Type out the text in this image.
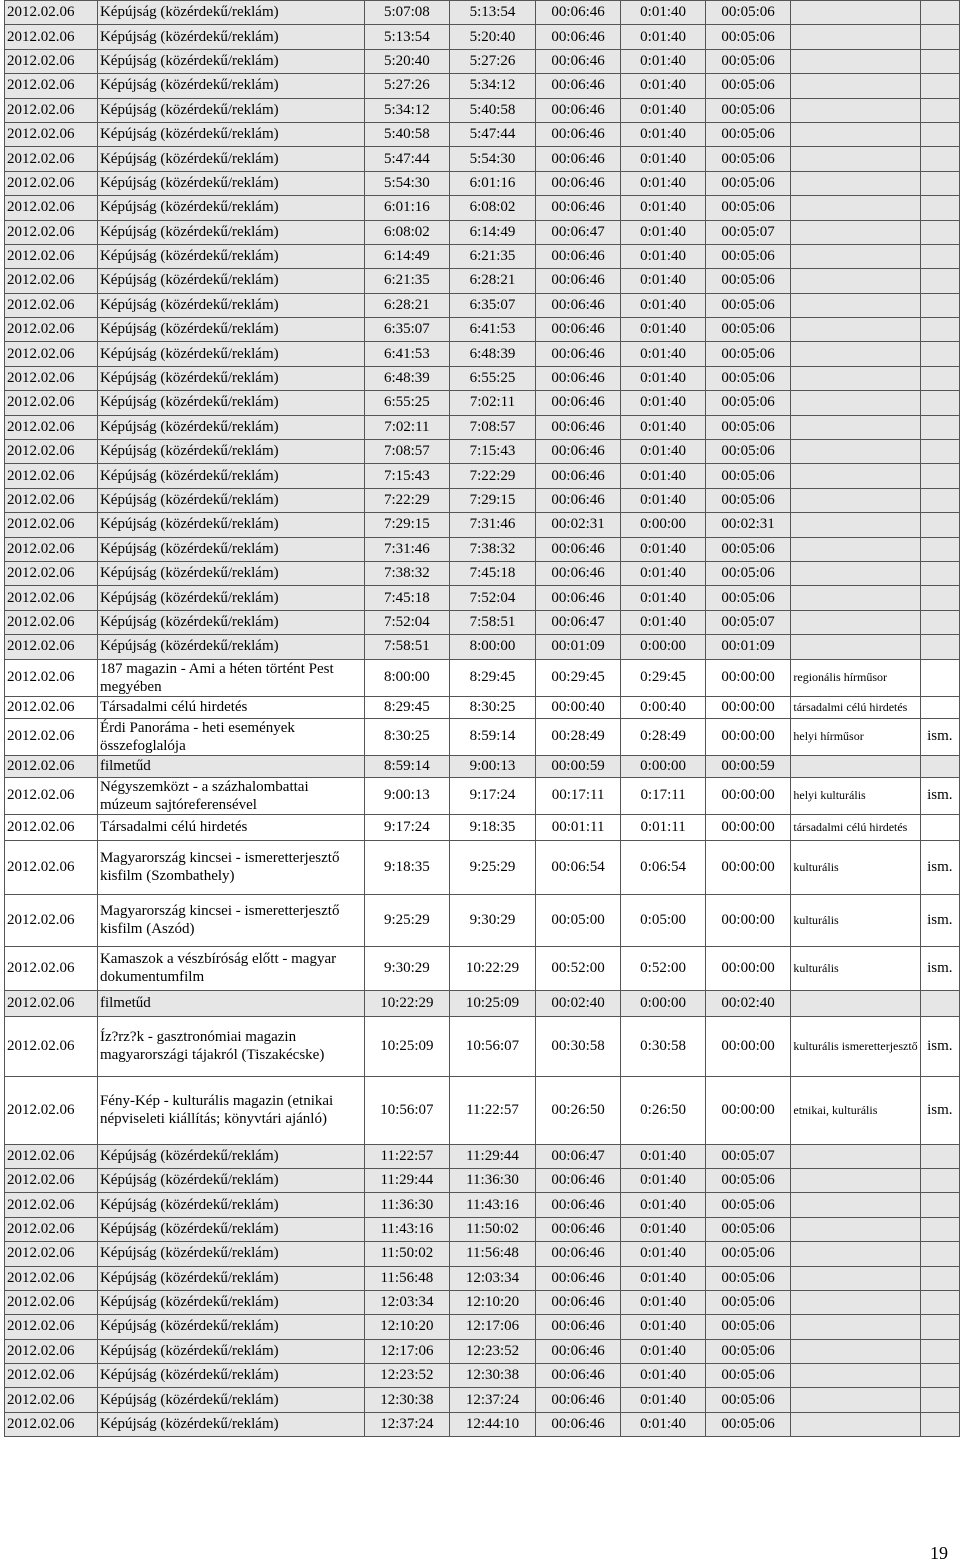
2012.02.06	Képújság (közérdekű/reklám)	5:07:08	5:13:54	00:06:46	0:01:40	00:05:06		
2012.02.06	Képújság (közérdekű/reklám)	5:13:54	5:20:40	00:06:46	0:01:40	00:05:06		
2012.02.06	Képújság (közérdekű/reklám)	5:20:40	5:27:26	00:06:46	0:01:40	00:05:06		
2012.02.06	Képújság (közérdekű/reklám)	5:27:26	5:34:12	00:06:46	0:01:40	00:05:06		
2012.02.06	Képújság (közérdekű/reklám)	5:34:12	5:40:58	00:06:46	0:01:40	00:05:06		
2012.02.06	Képújság (közérdekű/reklám)	5:40:58	5:47:44	00:06:46	0:01:40	00:05:06		
2012.02.06	Képújság (közérdekű/reklám)	5:47:44	5:54:30	00:06:46	0:01:40	00:05:06		
2012.02.06	Képújság (közérdekű/reklám)	5:54:30	6:01:16	00:06:46	0:01:40	00:05:06		
2012.02.06	Képújság (közérdekű/reklám)	6:01:16	6:08:02	00:06:46	0:01:40	00:05:06		
2012.02.06	Képújság (közérdekű/reklám)	6:08:02	6:14:49	00:06:47	0:01:40	00:05:07		
2012.02.06	Képújság (közérdekű/reklám)	6:14:49	6:21:35	00:06:46	0:01:40	00:05:06		
2012.02.06	Képújság (közérdekű/reklám)	6:21:35	6:28:21	00:06:46	0:01:40	00:05:06		
2012.02.06	Képújság (közérdekű/reklám)	6:28:21	6:35:07	00:06:46	0:01:40	00:05:06		
2012.02.06	Képújság (közérdekű/reklám)	6:35:07	6:41:53	00:06:46	0:01:40	00:05:06		
2012.02.06	Képújság (közérdekű/reklám)	6:41:53	6:48:39	00:06:46	0:01:40	00:05:06		
2012.02.06	Képújság (közérdekű/reklám)	6:48:39	6:55:25	00:06:46	0:01:40	00:05:06		
2012.02.06	Képújság (közérdekű/reklám)	6:55:25	7:02:11	00:06:46	0:01:40	00:05:06		
2012.02.06	Képújság (közérdekű/reklám)	7:02:11	7:08:57	00:06:46	0:01:40	00:05:06		
2012.02.06	Képújság (közérdekű/reklám)	7:08:57	7:15:43	00:06:46	0:01:40	00:05:06		
2012.02.06	Képújság (közérdekű/reklám)	7:15:43	7:22:29	00:06:46	0:01:40	00:05:06		
2012.02.06	Képújság (közérdekű/reklám)	7:22:29	7:29:15	00:06:46	0:01:40	00:05:06		
2012.02.06	Képújság (közérdekű/reklám)	7:29:15	7:31:46	00:02:31	0:00:00	00:02:31		
2012.02.06	Képújság (közérdekű/reklám)	7:31:46	7:38:32	00:06:46	0:01:40	00:05:06		
2012.02.06	Képújság (közérdekű/reklám)	7:38:32	7:45:18	00:06:46	0:01:40	00:05:06		
2012.02.06	Képújság (közérdekű/reklám)	7:45:18	7:52:04	00:06:46	0:01:40	00:05:06		
2012.02.06	Képújság (közérdekű/reklám)	7:52:04	7:58:51	00:06:47	0:01:40	00:05:07		
2012.02.06	Képújság (közérdekű/reklám)	7:58:51	8:00:00	00:01:09	0:00:00	00:01:09		
2012.02.06	187 magazin - Ami a héten történt Pest megyében	8:00:00	8:29:45	00:29:45	0:29:45	00:00:00	regionális hírműsor	
2012.02.06	Társadalmi célú hirdetés	8:29:45	8:30:25	00:00:40	0:00:40	00:00:00	társadalmi célú hirdetés	
2012.02.06	Érdi Panoráma - heti események összefoglalója	8:30:25	8:59:14	00:28:49	0:28:49	00:00:00	helyi hírműsor	ism.
2012.02.06	filmetűd	8:59:14	9:00:13	00:00:59	0:00:00	00:00:59		
2012.02.06	Négyszemközt - a százhalombattai múzeum sajtóreferensével	9:00:13	9:17:24	00:17:11	0:17:11	00:00:00	helyi kulturális	ism.
2012.02.06	Társadalmi célú hirdetés	9:17:24	9:18:35	00:01:11	0:01:11	00:00:00	társadalmi célú hirdetés	
2012.02.06	Magyarország kincsei - ismeretterjesztő kisfilm (Szombathely)	9:18:35	9:25:29	00:06:54	0:06:54	00:00:00	kulturális	ism.
2012.02.06	Magyarország kincsei - ismeretterjesztő kisfilm (Aszód)	9:25:29	9:30:29	00:05:00	0:05:00	00:00:00	kulturális	ism.
2012.02.06	Kamaszok a vészbíróság előtt - magyar dokumentumfilm	9:30:29	10:22:29	00:52:00	0:52:00	00:00:00	kulturális	ism.
2012.02.06	filmetűd	10:22:29	10:25:09	00:02:40	0:00:00	00:02:40		
2012.02.06	Íz?rz?k - gasztronómiai magazin magyarországi tájakról (Tiszakécske)	10:25:09	10:56:07	00:30:58	0:30:58	00:00:00	kulturális ismeretterjesztő	ism.
2012.02.06	Fény-Kép - kulturális magazin (etnikai népviseleti kiállítás; könyvtári ajánló)	10:56:07	11:22:57	00:26:50	0:26:50	00:00:00	etnikai, kulturális	ism.
2012.02.06	Képújság (közérdekű/reklám)	11:22:57	11:29:44	00:06:47	0:01:40	00:05:07		
2012.02.06	Képújság (közérdekű/reklám)	11:29:44	11:36:30	00:06:46	0:01:40	00:05:06		
2012.02.06	Képújság (közérdekű/reklám)	11:36:30	11:43:16	00:06:46	0:01:40	00:05:06		
2012.02.06	Képújság (közérdekű/reklám)	11:43:16	11:50:02	00:06:46	0:01:40	00:05:06		
2012.02.06	Képújság (közérdekű/reklám)	11:50:02	11:56:48	00:06:46	0:01:40	00:05:06		
2012.02.06	Képújság (közérdekű/reklám)	11:56:48	12:03:34	00:06:46	0:01:40	00:05:06		
2012.02.06	Képújság (közérdekű/reklám)	12:03:34	12:10:20	00:06:46	0:01:40	00:05:06		
2012.02.06	Képújság (közérdekű/reklám)	12:10:20	12:17:06	00:06:46	0:01:40	00:05:06		
2012.02.06	Képújság (közérdekű/reklám)	12:17:06	12:23:52	00:06:46	0:01:40	00:05:06		
2012.02.06	Képújság (közérdekű/reklám)	12:23:52	12:30:38	00:06:46	0:01:40	00:05:06		
2012.02.06	Képújság (közérdekű/reklám)	12:30:38	12:37:24	00:06:46	0:01:40	00:05:06		
2012.02.06	Képújság (közérdekű/reklám)	12:37:24	12:44:10	00:06:46	0:01:40	00:05:06		
19
